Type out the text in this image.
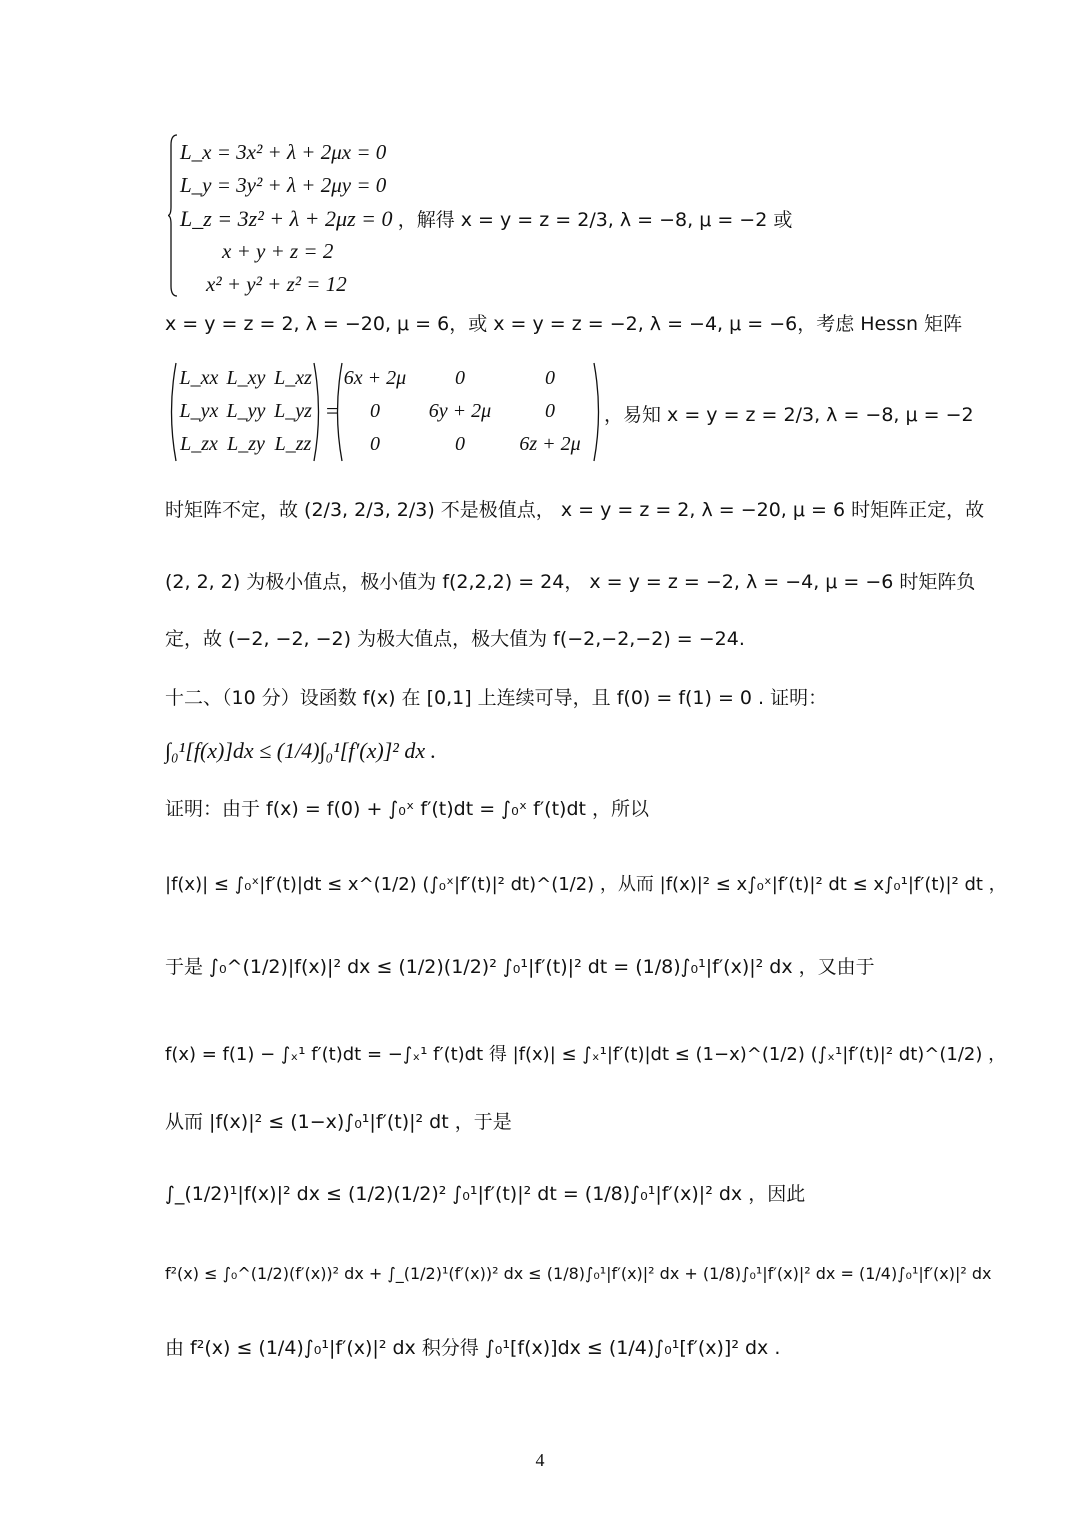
L_x = 3x² + λ + 2μx = 0
L_y = 3y² + λ + 2μy = 0
L_z = 3z² + λ + 2μz = 0 ，解得 x = y = z = 2/3, λ = −8, μ = −2 或
x + y + z = 2
x² + y² + z² = 12
x = y = z = 2, λ = −20, μ = 6，或 x = y = z = −2, λ = −4, μ = −6，考虑 Hessn 矩阵
L_xx L_xy L_xz
L_yx L_yy L_yz
L_zx L_zy L_zz
=
6x + 2μ	0	0
0	6y + 2μ	0
0	0	6z + 2μ
，易知 x = y = z = 2/3, λ = −8, μ = −2
时矩阵不定，故 (2/3, 2/3, 2/3) 不是极值点， x = y = z = 2, λ = −20, μ = 6 时矩阵正定，故
(2, 2, 2) 为极小值点，极小值为 f(2,2,2) = 24， x = y = z = −2, λ = −4, μ = −6 时矩阵负
定，故 (−2, −2, −2) 为极大值点，极大值为 f(−2,−2,−2) = −24.
十二、（10 分）设函数 f(x) 在 [0,1] 上连续可导，且 f(0) = f(1) = 0 . 证明：
∫₀¹[f(x)]dx ≤ (1/4)∫₀¹[f′(x)]² dx .
证明：由于 f(x) = f(0) + ∫₀ˣ f′(t)dt = ∫₀ˣ f′(t)dt ，所以
|f(x)| ≤ ∫₀ˣ|f′(t)|dt ≤ x^(1/2) (∫₀ˣ|f′(t)|² dt)^(1/2) ，从而 |f(x)|² ≤ x∫₀ˣ|f′(t)|² dt ≤ x∫₀¹|f′(t)|² dt ，
于是 ∫₀^(1/2)|f(x)|² dx ≤ (1/2)(1/2)² ∫₀¹|f′(t)|² dt = (1/8)∫₀¹|f′(x)|² dx ，又由于
f(x) = f(1) − ∫ₓ¹ f′(t)dt = −∫ₓ¹ f′(t)dt 得 |f(x)| ≤ ∫ₓ¹|f′(t)|dt ≤ (1−x)^(1/2) (∫ₓ¹|f′(t)|² dt)^(1/2) ，
从而 |f(x)|² ≤ (1−x)∫₀¹|f′(t)|² dt ，于是
∫_(1/2)¹|f(x)|² dx ≤ (1/2)(1/2)² ∫₀¹|f′(t)|² dt = (1/8)∫₀¹|f′(x)|² dx ，因此
f²(x) ≤ ∫₀^(1/2)(f′(x))² dx + ∫_(1/2)¹(f′(x))² dx ≤ (1/8)∫₀¹|f′(x)|² dx + (1/8)∫₀¹|f′(x)|² dx = (1/4)∫₀¹|f′(x)|² dx
由 f²(x) ≤ (1/4)∫₀¹|f′(x)|² dx 积分得 ∫₀¹[f(x)]dx ≤ (1/4)∫₀¹[f′(x)]² dx .
4
